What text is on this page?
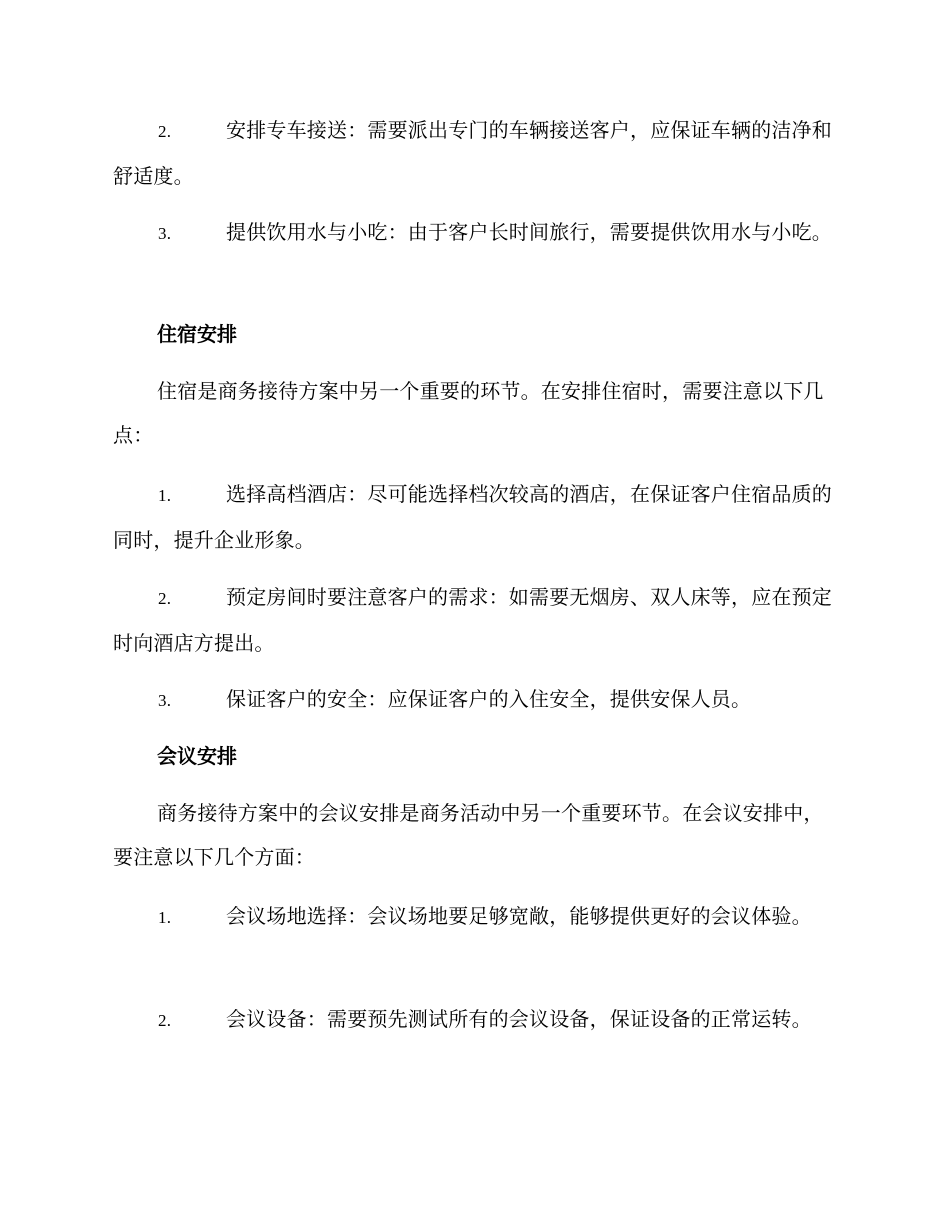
2.	安排专车接送：需要派出专门的车辆接送客户，应保证车辆的洁净和舒适度。
3.	提供饮用水与小吃：由于客户长时间旅行，需要提供饮用水与小吃。
住宿安排
住宿是商务接待方案中另一个重要的环节。在安排住宿时，需要注意以下几点：
1.	选择高档酒店：尽可能选择档次较高的酒店，在保证客户住宿品质的同时，提升企业形象。
2.	预定房间时要注意客户的需求：如需要无烟房、双人床等，应在预定时向酒店方提出。
3.	保证客户的安全：应保证客户的入住安全，提供安保人员。
会议安排
商务接待方案中的会议安排是商务活动中另一个重要环节。在会议安排中，要注意以下几个方面：
1.	会议场地选择：会议场地要足够宽敞，能够提供更好的会议体验。
2.	会议设备：需要预先测试所有的会议设备，保证设备的正常运转。
